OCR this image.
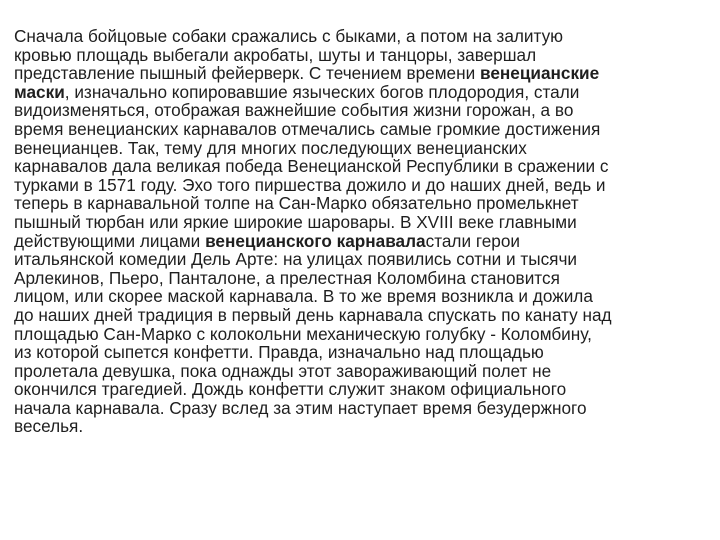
Сначала бойцовые собаки сражались с быками, а потом на залитую
кровью площадь выбегали акробаты, шуты и танцоры, завершал
представление пышный фейерверк. С течением времени венецианские
маски, изначально копировавшие языческих богов плодородия, стали
видоизменяться, отображая важнейшие события жизни горожан, а во
время венецианских карнавалов отмечались самые громкие достижения
венецианцев. Так, тему для многих последующих венецианских
карнавалов дала великая победа Венецианской Республики в сражении с
турками в 1571 году. Эхо того пиршества дожило и до наших дней, ведь и
теперь в карнавальной толпе на Сан-Марко обязательно промелькнет
пышный тюрбан или яркие широкие шаровары. В XVIII веке главными
действующими лицами венецианского карнаваластали герои
итальянской комедии Дель Арте: на улицах появились сотни и тысячи
Арлекинов, Пьеро, Панталоне, а прелестная Коломбина становится
лицом, или скорее маской карнавала. В то же время возникла и дожила
до наших дней традиция в первый день карнавала спускать по канату над
площадью Сан-Марко с колокольни механическую голубку - Коломбину,
из которой сыпется конфетти. Правда, изначально над площадью
пролетала девушка, пока однажды этот завораживающий полет не
окончился трагедией. Дождь конфетти служит знаком официального
начала карнавала. Сразу вслед за этим наступает время безудержного
веселья.
